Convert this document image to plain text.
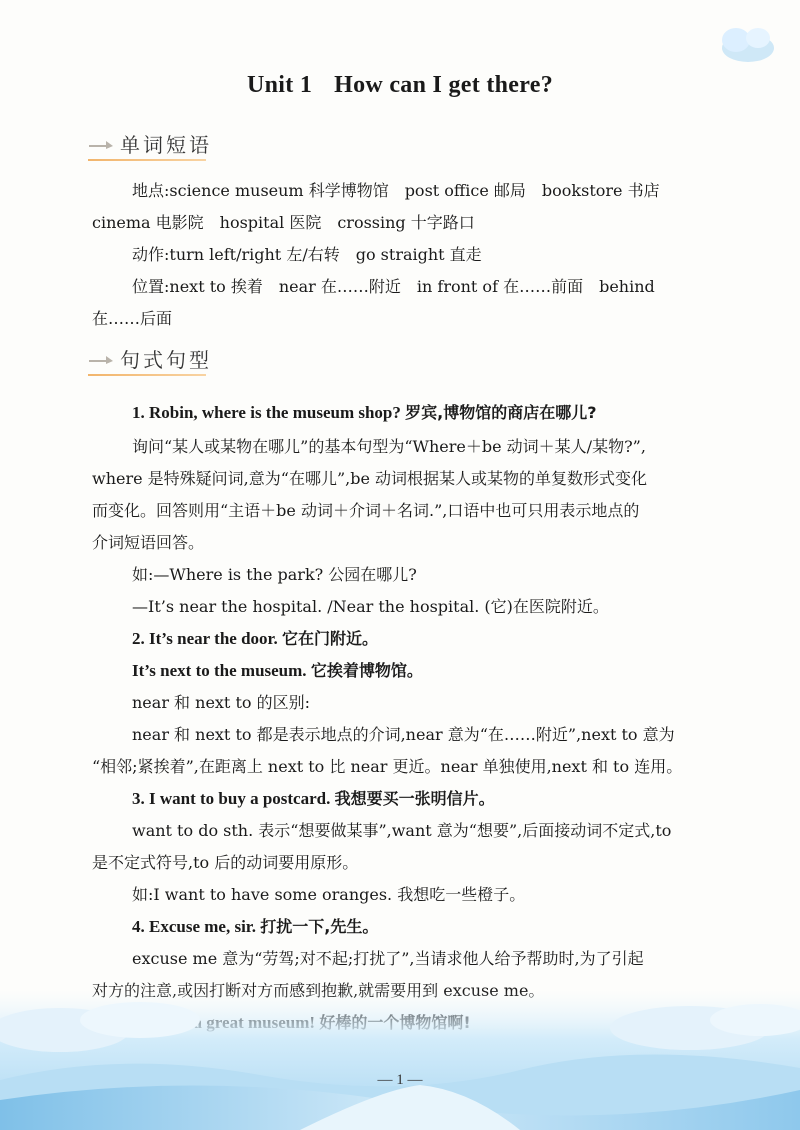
Unit 1 How can I get there?
单词短语
地点:science museum 科学博物馆　post office 邮局　bookstore 书店
cinema 电影院　hospital 医院　crossing 十字路口
动作:turn left/right 左/右转　go straight 直走
位置:next to 挨着　near 在……附近　in front of 在……前面　behind
在……后面
句式句型
1. Robin, where is the museum shop? 罗宾,博物馆的商店在哪儿?
询问“某人或某物在哪儿”的基本句型为“Where＋be 动词＋某人/某物?”,
where 是特殊疑问词,意为“在哪儿”,be 动词根据某人或某物的单复数形式变化
而变化。回答则用“主语＋be 动词＋介词＋名词.”,口语中也可只用表示地点的
介词短语回答。
如:—Where is the park? 公园在哪儿?
—It’s near the hospital. /Near the hospital. (它)在医院附近。
2. It’s near the door. 它在门附近。
It’s next to the museum. 它挨着博物馆。
near 和 next to 的区别:
near 和 next to 都是表示地点的介词,near 意为“在……附近”,next to 意为
“相邻;紧挨着”,在距离上 next to 比 near 更近。near 单独使用,next 和 to 连用。
3. I want to buy a postcard. 我想要买一张明信片。
want to do sth. 表示“想要做某事”,want 意为“想要”,后面接动词不定式,to
是不定式符号,to 后的动词要用原形。
如:I want to have some oranges. 我想吃一些橙子。
4. Excuse me, sir. 打扰一下,先生。
excuse me 意为“劳驾;对不起;打扰了”,当请求他人给予帮助时,为了引起
— 1 —
